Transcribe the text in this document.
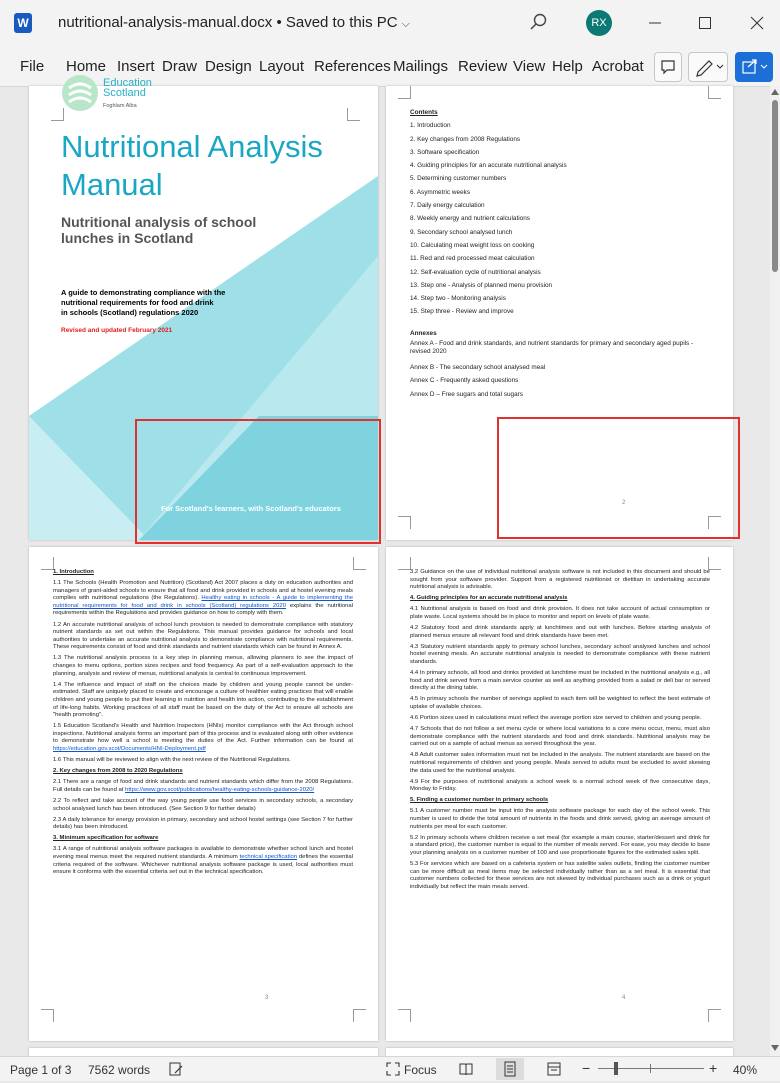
W nutritional-analysis-manual.docx • Saved to this PC ⌵	RX
File Home Insert Draw Design Layout References Mailings Review View Help Acrobat
Education
Scotland
Foghlam Alba
Nutritional Analysis
Manual
Nutritional analysis of school
lunches in Scotland
A guide to demonstrating compliance with the
nutritional requirements for food and drink
in schools (Scotland) regulations 2020
Revised and updated February 2021
For Scotland's learners, with Scotland's educators
Contents
1. Introduction
2. Key changes from 2008 Regulations
3. Software specification
4. Guiding principles for an accurate nutritional analysis
5. Determining customer numbers
6. Asymmetric weeks
7. Daily energy calculation
8. Weekly energy and nutrient calculations
9. Secondary school analysed lunch
10. Calculating meat weight loss on cooking
11. Red and red processed meat calculation
12. Self-evaluation cycle of nutritional analysis
13. Step one - Analysis of planned menu provision
14. Step two - Monitoring analysis
15. Step three - Review and improve
Annexes
Annex A - Food and drink standards, and nutrient standards for primary and secondary aged pupils - revised 2020
Annex B - The secondary school analysed meal
Annex C - Frequently asked questions
Annex D – Free sugars and total sugars
2

1. Introduction

1.1 The Schools (Health Promotion and Nutrition) (Scotland) Act 2007 places a duty on education authorities and managers of grant-aided schools to ensure that all food and drink provided in schools and at hostel evening meals complies with nutritional regulations (the Regulations). Healthy eating in schools - A guide to implementing the nutritional requirements for food and drink in schools (Scotland) regulations 2020 explains the nutritional requirements within the Regulations and provides guidance on how to comply with them.

1.2 An accurate nutritional analysis of school lunch provision is needed to demonstrate compliance with statutory nutrient standards as set out within the Regulations. This manual provides guidance for schools and local authorities to undertake an accurate nutritional analysis to demonstrate compliance with nutritional requirements. These requirements consist of food and drink standards and nutrient standards which can be found in Annex A.

1.3 The nutritional analysis process is a key step in planning menus, allowing planners to see the impact of changes to menu options, portion sizes recipes and food frequency. As part of a self-evaluation approach to the planning, analysis and review of menus, nutritional analysis is central to continuous improvement.

1.4 The influence and impact of staff on the choices made by children and young people cannot be under-estimated. Staff are uniquely placed to create and encourage a culture of healthier eating practices that will enable children and young people to put their learning in nutrition and health into action, contributing to the establishment of life-long habits. Working practices of all staff must be based on the duty of the Act to ensure all schools are "health promoting".

1.5 Education Scotland's Health and Nutrition Inspectors (HNIs) monitor compliance with the Act through school inspections. Nutritional analysis forms an important part of this process and is evaluated along with other evidence to demonstrate how well a school is meeting the duties of the Act. Further information can be found at https://education.gov.scot/Documents/HNI-Deployment.pdf

1.6 This manual will be reviewed to align with the next review of the Nutritional Regulations.

2. Key changes from 2008 to 2020 Regulations

2.1 There are a range of food and drink standards and nutrient standards which differ from the 2008 Regulations. Full details can be found at https://www.gov.scot/publications/healthy-eating-schools-guidance-2020/

2.2 To reflect and take account of the way young people use food services in secondary schools, a secondary school analysed lunch has been introduced. (See Section 9 for further details)

2.3 A daily tolerance for energy provision in primary, secondary and school hostel settings (see Section 7 for further details) has been introduced.

3. Minimum specification for software

3.1 A range of nutritional analysis software packages is available to demonstrate whether school lunch and hostel evening meal menus meet the required nutrient standards. A minimum technical specification defines the essential criteria required of the software. Whichever nutritional analysis software package is used, local authorities must ensure it conforms with the essential criteria set out in the technical specification.

3

3.2 Guidance on the use of individual nutritional analysis software is not included in this document and should be sought from your software provider. Support from a registered nutritionist or dietitian in undertaking accurate nutritional analysis is advisable.

4. Guiding principles for an accurate nutritional analysis

4.1 Nutritional analysis is based on food and drink provision. It does not take account of actual consumption or plate waste. Local systems should be in place to monitor and report on levels of plate waste.

4.2 Statutory food and drink standards apply at lunchtimes and out with lunches. Before starting analysis of planned menus ensure all relevant food and drink standards have been met.

4.3 Statutory nutrient standards apply to primary school lunches, secondary school analysed lunches and school hostel evening meals. An accurate nutritional analysis is needed to demonstrate compliance with these nutrient standards.

4.4 In primary schools, all food and drinks provided at lunchtime must be included in the nutritional analysis e.g., all food and drink served from a main service counter as well as anything provided from a salad or deli bar or served directly at the dining table.

4.5 In primary schools the number of servings applied to each item will be weighted to reflect the best estimate of uptake of available choices.

4.6 Portion sizes used in calculations must reflect the average portion size served to children and young people.

4.7 Schools that do not follow a set menu cycle or where local variations to a core menu occur, menu, must also demonstrate compliance with the nutrient standards and food and drink standards. Nutritional analysis may be carried out on a sample of actual menus as served throughout the year.

4.8 Adult customer sales information must not be included in the analysis. The nutrient standards are based on the nutritional requirements of children and young people. Meals served to adults must be excluded to avoid skewing the data used for the nutritional analysis.

4.9 For the purposes of nutritional analysis a school week is a normal school week of five consecutive days, Monday to Friday.

5. Finding a customer number in primary schools

5.1 A customer number must be input into the analysis software package for each day of the school week. This number is used to divide the total amount of nutrients in the foods and drink served, giving an average amount of nutrients per meal for each customer.

5.2 In primary schools where children receive a set meal (for example a main course, starter/dessert and drink for a standard price), the customer number is equal to the number of meals served. For ease, you may decide to base your planning analysis on a customer number of 100 and use proportionate figures for the estimated sales split.

5.3 For services which are based on a cafeteria system or has satellite sales outlets, finding the customer number can be more difficult as meal items may be selected individually rather than as a set meal. It is essential that customer numbers collected for these services are not skewed by individual purchases such as a drink or yogurt individually but reflect the main meals served.

4
Page 1 of 3 7562 words	Focus	−	+ 40%
